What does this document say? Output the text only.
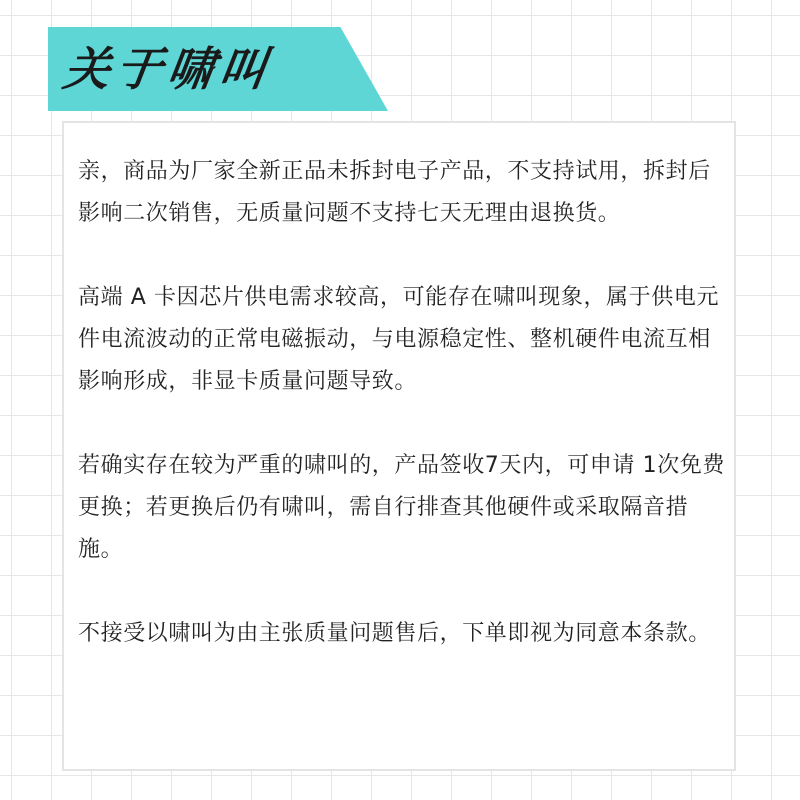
关于啸叫

亲，商品为厂家全新正品未拆封电子产品，不支持试用，拆封后影响二次销售，无质量问题不支持七天无理由退换货。

高端 A 卡因芯片供电需求较高，可能存在啸叫现象，属于供电元件电流波动的正常电磁振动，与电源稳定性、整机硬件电流互相影响形成，非显卡质量问题导致。

若确实存在较为严重的啸叫的，产品签收7天内，可申请 1次免费更换；若更换后仍有啸叫，需自行排查其他硬件或采取隔音措施。

不接受以啸叫为由主张质量问题售后，下单即视为同意本条款。
